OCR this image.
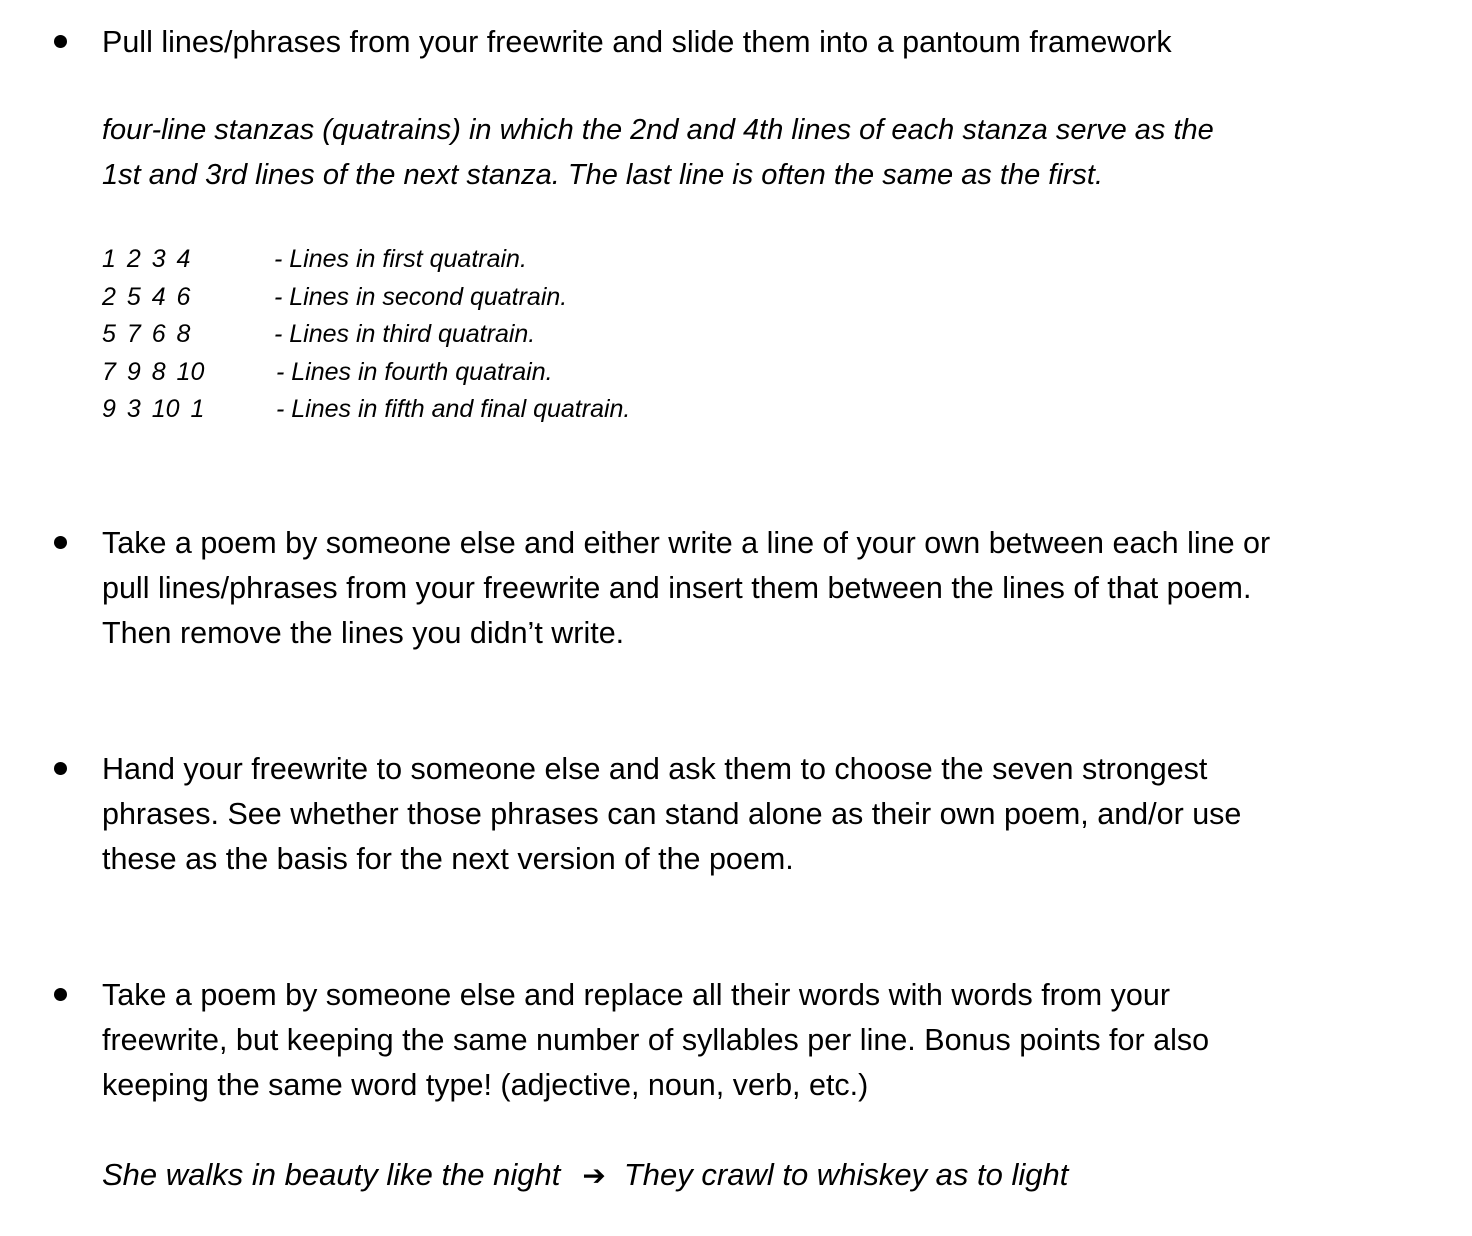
Pull lines/phrases from your freewrite and slide them into a pantoum framework
four-line stanzas (quatrains) in which the 2nd and 4th lines of each stanza serve as the
1st and 3rd lines of the next stanza. The last line is often the same as the first.
1 2 3 4	- Lines in first quatrain.
2 5 4 6	- Lines in second quatrain.
5 7 6 8	- Lines in third quatrain.
7 9 8 10	- Lines in fourth quatrain.
9 3 10 1	- Lines in fifth and final quatrain.
Take a poem by someone else and either write a line of your own between each line or
pull lines/phrases from your freewrite and insert them between the lines of that poem.
Then remove the lines you didn’t write.
Hand your freewrite to someone else and ask them to choose the seven strongest
phrases. See whether those phrases can stand alone as their own poem, and/or use
these as the basis for the next version of the poem.
Take a poem by someone else and replace all their words with words from your
freewrite, but keeping the same number of syllables per line. Bonus points for also
keeping the same word type! (adjective, noun, verb, etc.)
She walks in beauty like the night ➔ They crawl to whiskey as to light
